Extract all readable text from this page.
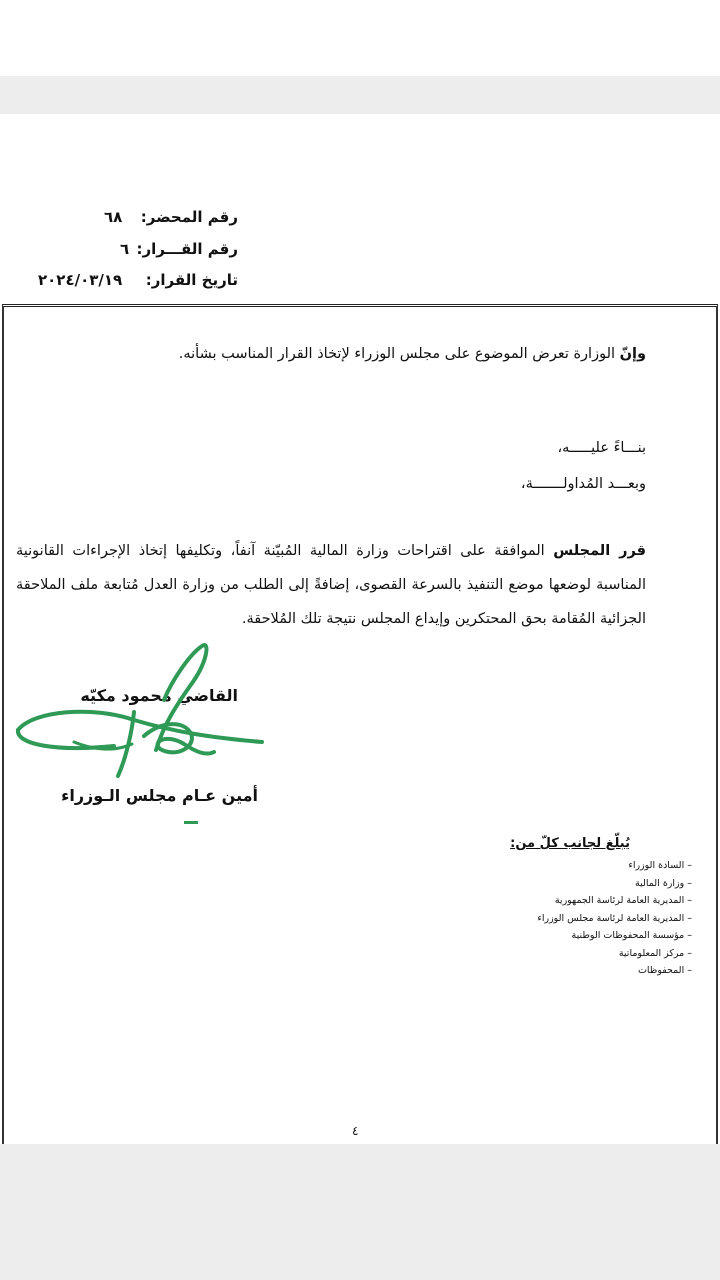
رقم المحضر:
٦٨
رقم القـــرار:
٦
تاريخ القرار:
٢٠٢٤/٠٣/١٩
وإنّ الوزارة تعرض الموضوع على مجلس الوزراء لإتخاذ القرار المناسب بشأنه.
بنـــاءً عليـــــه،
وبعـــد المُداولـــــــة،
قرر المجلس الموافقة على اقتراحات وزارة المالية المُبيّنة آنفاً، وتكليفها إتخاذ الإجراءات القانونية المناسبة لوضعها موضع التنفيذ بالسرعة القصوى، إضافةً إلى الطلب من وزارة العدل مُتابعة ملف الملاحقة الجزائية المُقامة بحق المحتكرين وإيداع المجلس نتيجة تلك المُلاحقة.
القاضي محمود مكيّه
أمين عـام مجلس الـوزراء
يُبلّغ لجانب كلّ من:
– السادة الوزراء
– وزارة المالية
– المديرية العامة لرئاسة الجمهورية
– المديرية العامة لرئاسة مجلس الوزراء
– مؤسسة المحفوظات الوطنية
– مركز المعلوماتية
– المحفوظات
٤
